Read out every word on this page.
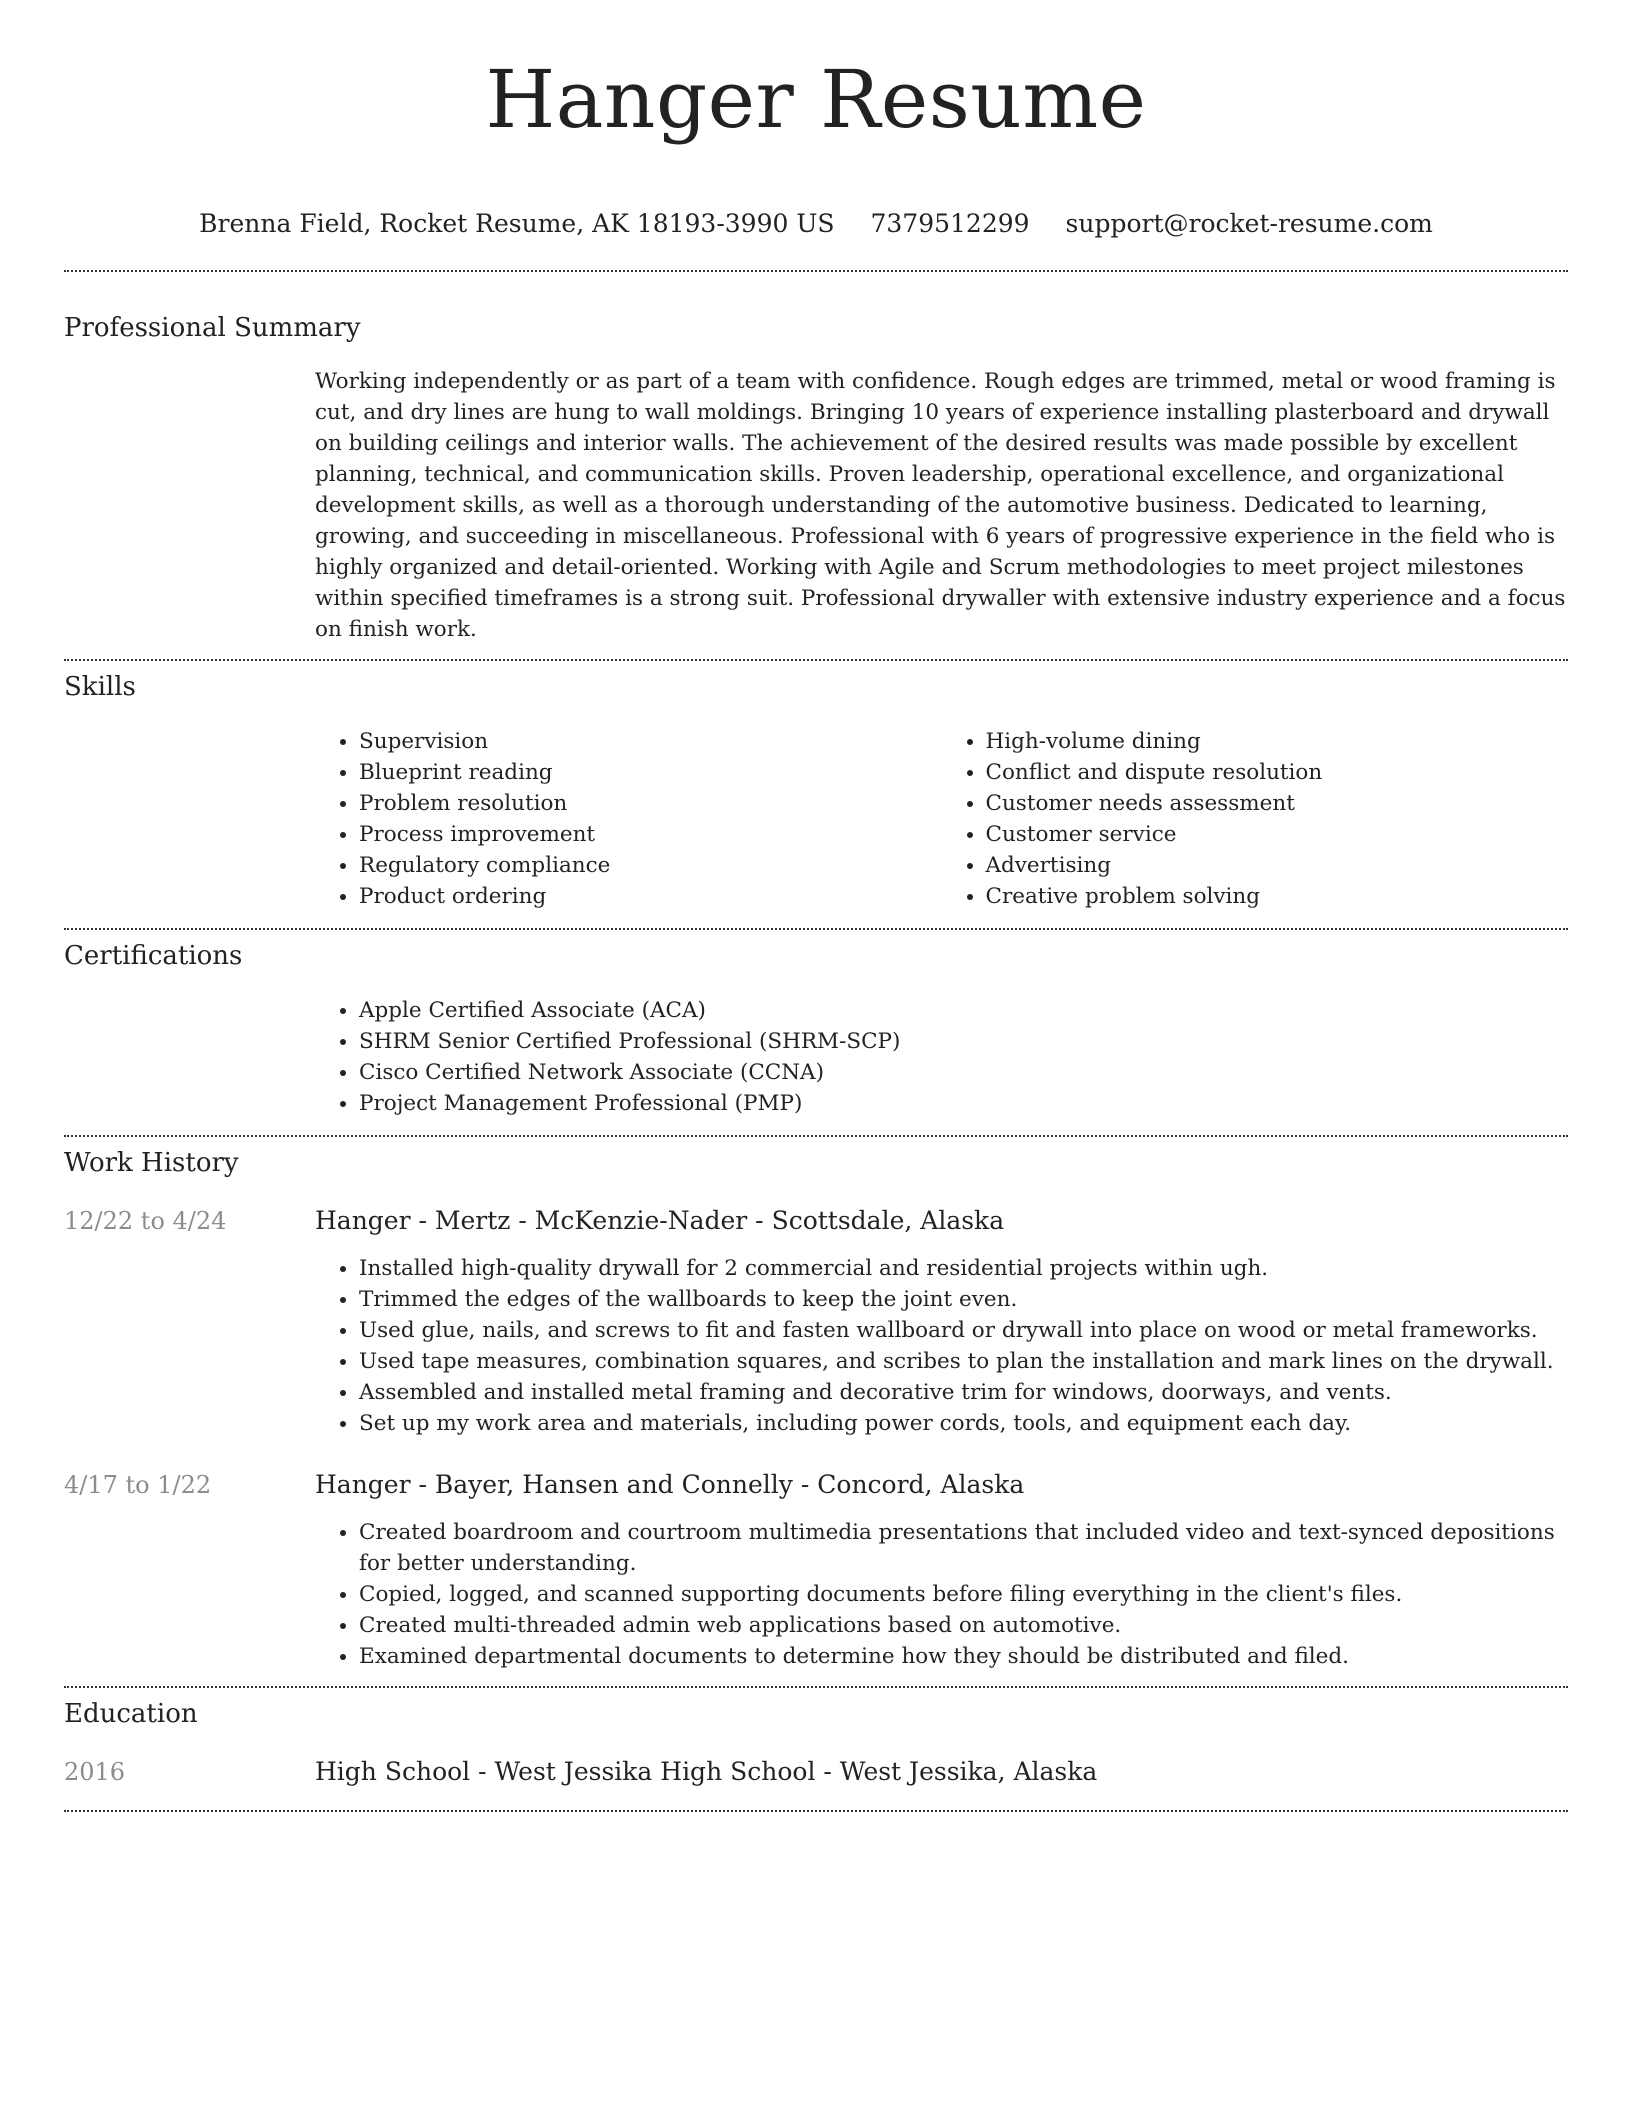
Hanger Resume
Brenna Field, Rocket Resume, AK 18193-3990 US 7379512299 support@rocket-resume.com
Professional Summary

Working independently or as part of a team with confidence. Rough edges are trimmed, metal or wood framing is cut, and dry lines are hung to wall moldings. Bringing 10 years of experience installing plasterboard and drywall on building ceilings and interior walls. The achievement of the desired results was made possible by excellent planning, technical, and communication skills. Proven leadership, operational excellence, and organizational development skills, as well as a thorough understanding of the automotive business. Dedicated to learning, growing, and succeeding in miscellaneous. Professional with 6 years of progressive experience in the field who is highly organized and detail-oriented. Working with Agile and Scrum methodologies to meet project milestones within specified timeframes is a strong suit. Professional drywaller with extensive industry experience and a focus on finish work.

Skills
• Supervision
• Blueprint reading
• Problem resolution
• Process improvement
• Regulatory compliance
• Product ordering
• High-volume dining
• Conflict and dispute resolution
• Customer needs assessment
• Customer service
• Advertising
• Creative problem solving
Certifications
• Apple Certified Associate (ACA)
• SHRM Senior Certified Professional (SHRM-SCP)
• Cisco Certified Network Associate (CCNA)
• Project Management Professional (PMP)
Work History
12/22 to 4/24	Hanger - Mertz - McKenzie-Nader - Scottsdale, Alaska
• Installed high-quality drywall for 2 commercial and residential projects within ugh.
• Trimmed the edges of the wallboards to keep the joint even.
• Used glue, nails, and screws to fit and fasten wallboard or drywall into place on wood or metal frameworks.
• Used tape measures, combination squares, and scribes to plan the installation and mark lines on the drywall.
• Assembled and installed metal framing and decorative trim for windows, doorways, and vents.
• Set up my work area and materials, including power cords, tools, and equipment each day.
4/17 to 1/22	Hanger - Bayer, Hansen and Connelly - Concord, Alaska
• Created boardroom and courtroom multimedia presentations that included video and text-synced depositions for better understanding.
• Copied, logged, and scanned supporting documents before filing everything in the client's files.
• Created multi-threaded admin web applications based on automotive.
• Examined departmental documents to determine how they should be distributed and filed.
Education
2016	High School - West Jessika High School - West Jessika, Alaska
